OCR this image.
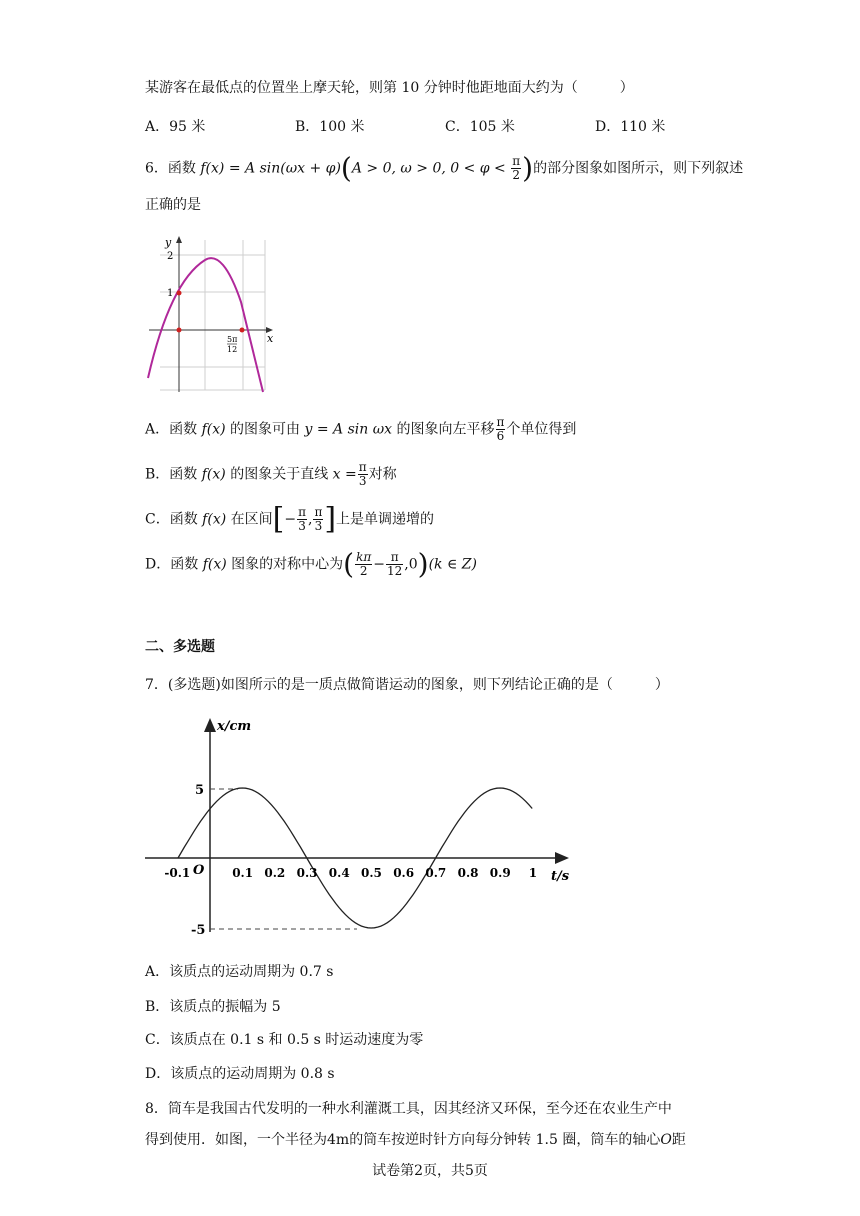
某游客在最低点的位置坐上摩天轮，则第 10 分钟时他距地面大约为（　　　）
A．95 米	B．100 米	C．105 米	D．110 米
6．函数 f(x) = A sin(ωx + φ)(A > 0, ω > 0, $0 < \varphi < \frac{\pi}{2}$ )的部分图象如图所示，则下列叙述
正确的是
y
x
2
1
5π
12
A．函数 f(x) 的图象可由 y = A sin ωx 的图象向左平移 $\frac{\pi}{6}$ 个单位得到
B．函数 f(x) 的图象关于直线 $x = \frac{\pi}{3}$ 对称
C．函数 f(x) 在区间[− $\frac{\pi}{3}$ , $\frac{\pi}{3}$ ]上是单调递增的
D．函数 f(x) 图象的对称中心为( $\frac{k\pi}{2} - \frac{\pi}{12} ,0)(k$ ∈ Z)
二、多选题
7．(多选题)如图所示的是一质点做简谐运动的图象，则下列结论正确的是（　　　）
x/cm
t/s
O
5
-5
-0.1	0.1 0.2 0.3 0.4 0.5 0.6 0.7 0.8 0.9 1
A．该质点的运动周期为 0.7 s
B．该质点的振幅为 5
C．该质点在 0.1 s 和 0.5 s 时运动速度为零
D．该质点的运动周期为 0.8 s
8．筒车是我国古代发明的一种水利灌溉工具，因其经济又环保，至今还在农业生产中
得到使用．如图，一个半径为4m的筒车按逆时针方向每分钟转 1.5 圈，筒车的轴心O距
试卷第2页，共5页
